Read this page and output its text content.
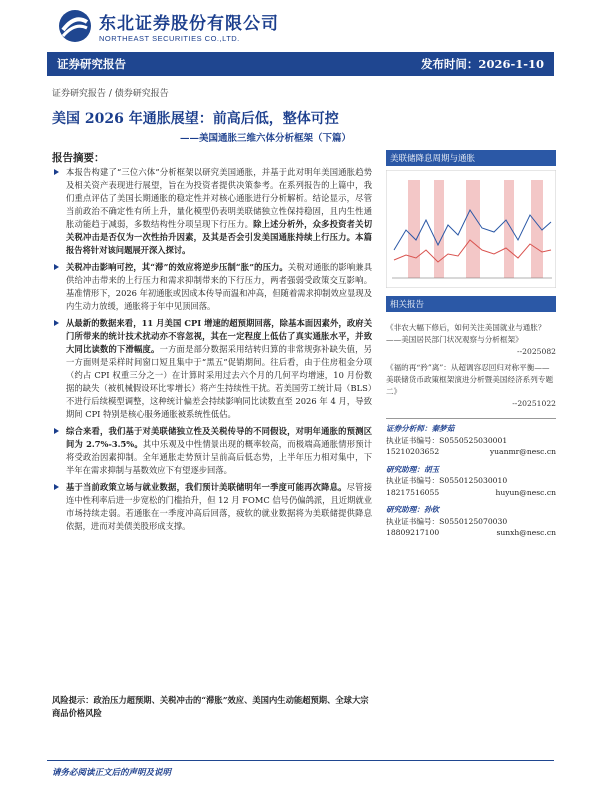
东北证券股份有限公司
NORTHEAST SECURITIES CO.,LTD.
证券研究报告	发布时间：2026-1-10
证券研究报告 / 债券研究报告
美国 2026 年通胀展望：前高后低，整体可控
——美国通胀三维六体分析框架（下篇）
报告摘要：
本报告构建了“三位六体”分析框架以研究美国通胀，并基于此对明年美国通胀趋势及相关资产表现进行展望，旨在为投资者提供决策参考。在系列报告的上篇中，我们重点评估了美国长期通胀的稳定性并对核心通胀进行分析解析。结论显示，尽管当前政治不确定性有所上升，量化模型仍表明美联储独立性保持稳固，且内生性通胀动能趋于减弱，多数结构性分项呈现下行压力。除上述分析外，众多投资者关切关税冲击是否仅为一次性抬升因素，及其是否会引发美国通胀持续上行压力。本篇报告将针对该问题展开深入探讨。
关税冲击影响可控，其“滞”的效应将逆步压制“胀”的压力。关税对通胀的影响兼具供给冲击带来的上行压力和需求抑制带来的下行压力，两者强弱受政策交互影响。基准情形下，2026 年初通胀或因成本传导而温和冲高，但随着需求抑制效应显现及内生动力放缓，通胀将于年中见顶回落。
从最新的数据来看，11 月美国 CPI 增速的超预期回落，除基本面因素外，政府关门所带来的统计技术扰动亦不容忽视，其在一定程度上低估了真实通胀水平，并致大同比读数的下滑幅度。一方面是部分数据采用结转归算的非常规弥补缺失值，另一方面则是采样时间窗口短且集中于“黑五”促销期间。往后看，由于住房租金分项（约占 CPI 权重三分之一）在计算时采用过去六个月的几何平均增速，10 月份数据的缺失（被机械假设环比零增长）将产生持续性干扰。若美国劳工统计局（BLS）不进行后续模型调整，这种统计偏差会持续影响同比读数直至 2026 年 4 月，导致期间 CPI 特别是核心服务通胀被系统性低估。
综合来看，我们基于对美联储独立性及关税传导的不同假设，对明年通胀的预测区间为 2.7%-3.5%。其中乐观及中性情景出现的概率较高，而极端高通胀情形预计将受政治因素抑制。全年通胀走势预计呈前高后低态势，上半年压力相对集中，下半年在需求抑制与基数效应下有望逐步回落。
基于当前政策立场与就业数据，我们预计美联储明年一季度可能再次降息。尽管接连中性利率后进一步宽松的门槛抬升，但 12 月 FOMC 信号仍偏鸽派，且近期就业市场持续走弱。若通胀在一季度冲高后回落，疲软的就业数据将为美联储提供降息依据，进而对美债美股形成支撑。
美联储降息周期与通胀
相关报告
《非农大幅下修后，如何关注美国就业与通胀？——美国居民部门状况观察与分析框架》
--2025082
《福的再“矜”离”：从超调容忍回归对称平衡——美联储货币政策框架演进分析暨美国经济系列专题二》
--20251022
证券分析师：秦梦茹
执业证书编号：S0550525030001
15210203652	yuanmr@nesc.cn
研究助理：胡玉
执业证书编号：S0550125030010
18217516055	huyun@nesc.cn
研究助理：孙钦
执业证书编号：S0550125070030
18809217100	sunxh@nesc.cn
风险提示：政治压力超预期、关税冲击的“滞胀”效应、美国内生动能超预期、全球大宗商品价格风险
请务必阅读正文后的声明及说明
